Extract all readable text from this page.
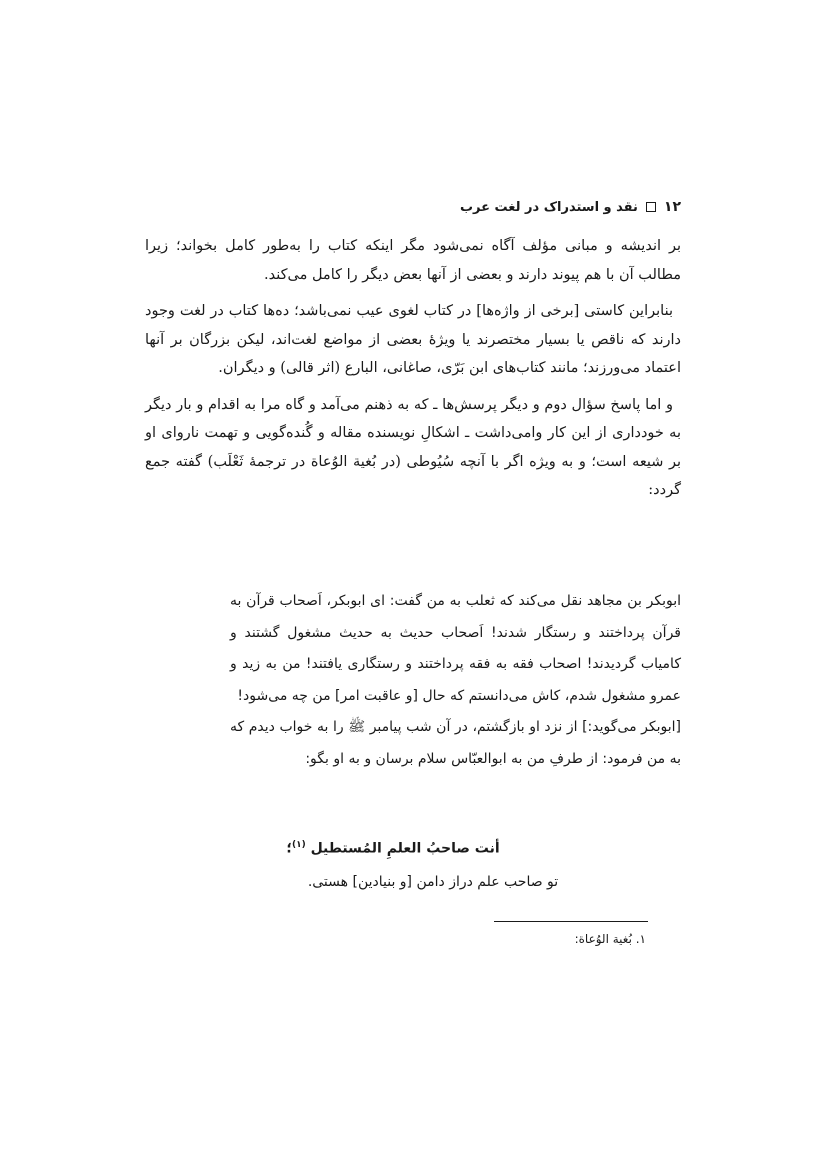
۱۲
نقد و استدراک در لغت عرب

بر اندیشه و مبانی مؤلف آگاه نمی‌شود مگر اینکه کتاب را به‌طور کامل بخواند؛ زیرا مطالب آن با هم پیوند دارند و بعضی از آنها بعض دیگر را کامل می‌کند.

بنابراین کاستی [برخی از واژه‌ها] در کتاب لغوی عیب نمی‌باشد؛ ده‌ها کتاب در لغت وجود دارند که ناقص یا بسیار مختصرند یا ویژهٔ بعضی از مواضع لغت‌اند، لیکن بزرگان بر آنها اعتماد می‌ورزند؛ مانند کتاب‌های ابن بَرّی، صاغانی، البارع (اثر قالی) و دیگران.

و اما پاسخ سؤال دوم و دیگر پرسش‌ها ـ که به ذهنم می‌آمد و گاه مرا به اقدام و بار دیگر به خودداری از این کار وامی‌داشت ـ اشکالِ نویسنده مقاله و گُنده‌گویی و تهمت ناروای او بر شیعه است؛ و به ویژه اگر با آنچه سُیُوطی (در بُغیة الوُعاة در ترجمهٔ ثَعْلَب) گفته جمع گردد:

ابوبکر بن مجاهد نقل می‌کند که ثعلب به من گفت: ای ابوبکر، اَصحاب قرآن به قرآن پرداختند و رستگار شدند! اَصحاب حدیث به حدیث مشغول گشتند و کامیاب گردیدند! اصحاب فقه به فقه پرداختند و رستگاری یافتند! من به زید و عمرو مشغول شدم، کاش می‌دانستم که حال [و عاقبت امر] من چه می‌شود!

[ابوبکر می‌گوید:] از نزد او بازگشتم، در آن شب پیامبر ﷺ را به خواب دیدم که به من فرمود: از طرفِ من به ابوالعبّاس سلام برسان و به او بگو:

أنت صاحبُ العلمِ المُستطیل $^{(۱)}$؛
تو صاحب علم دراز دامن [و بنیادین] هستی.
۱. بُغیة الوُعاة:
